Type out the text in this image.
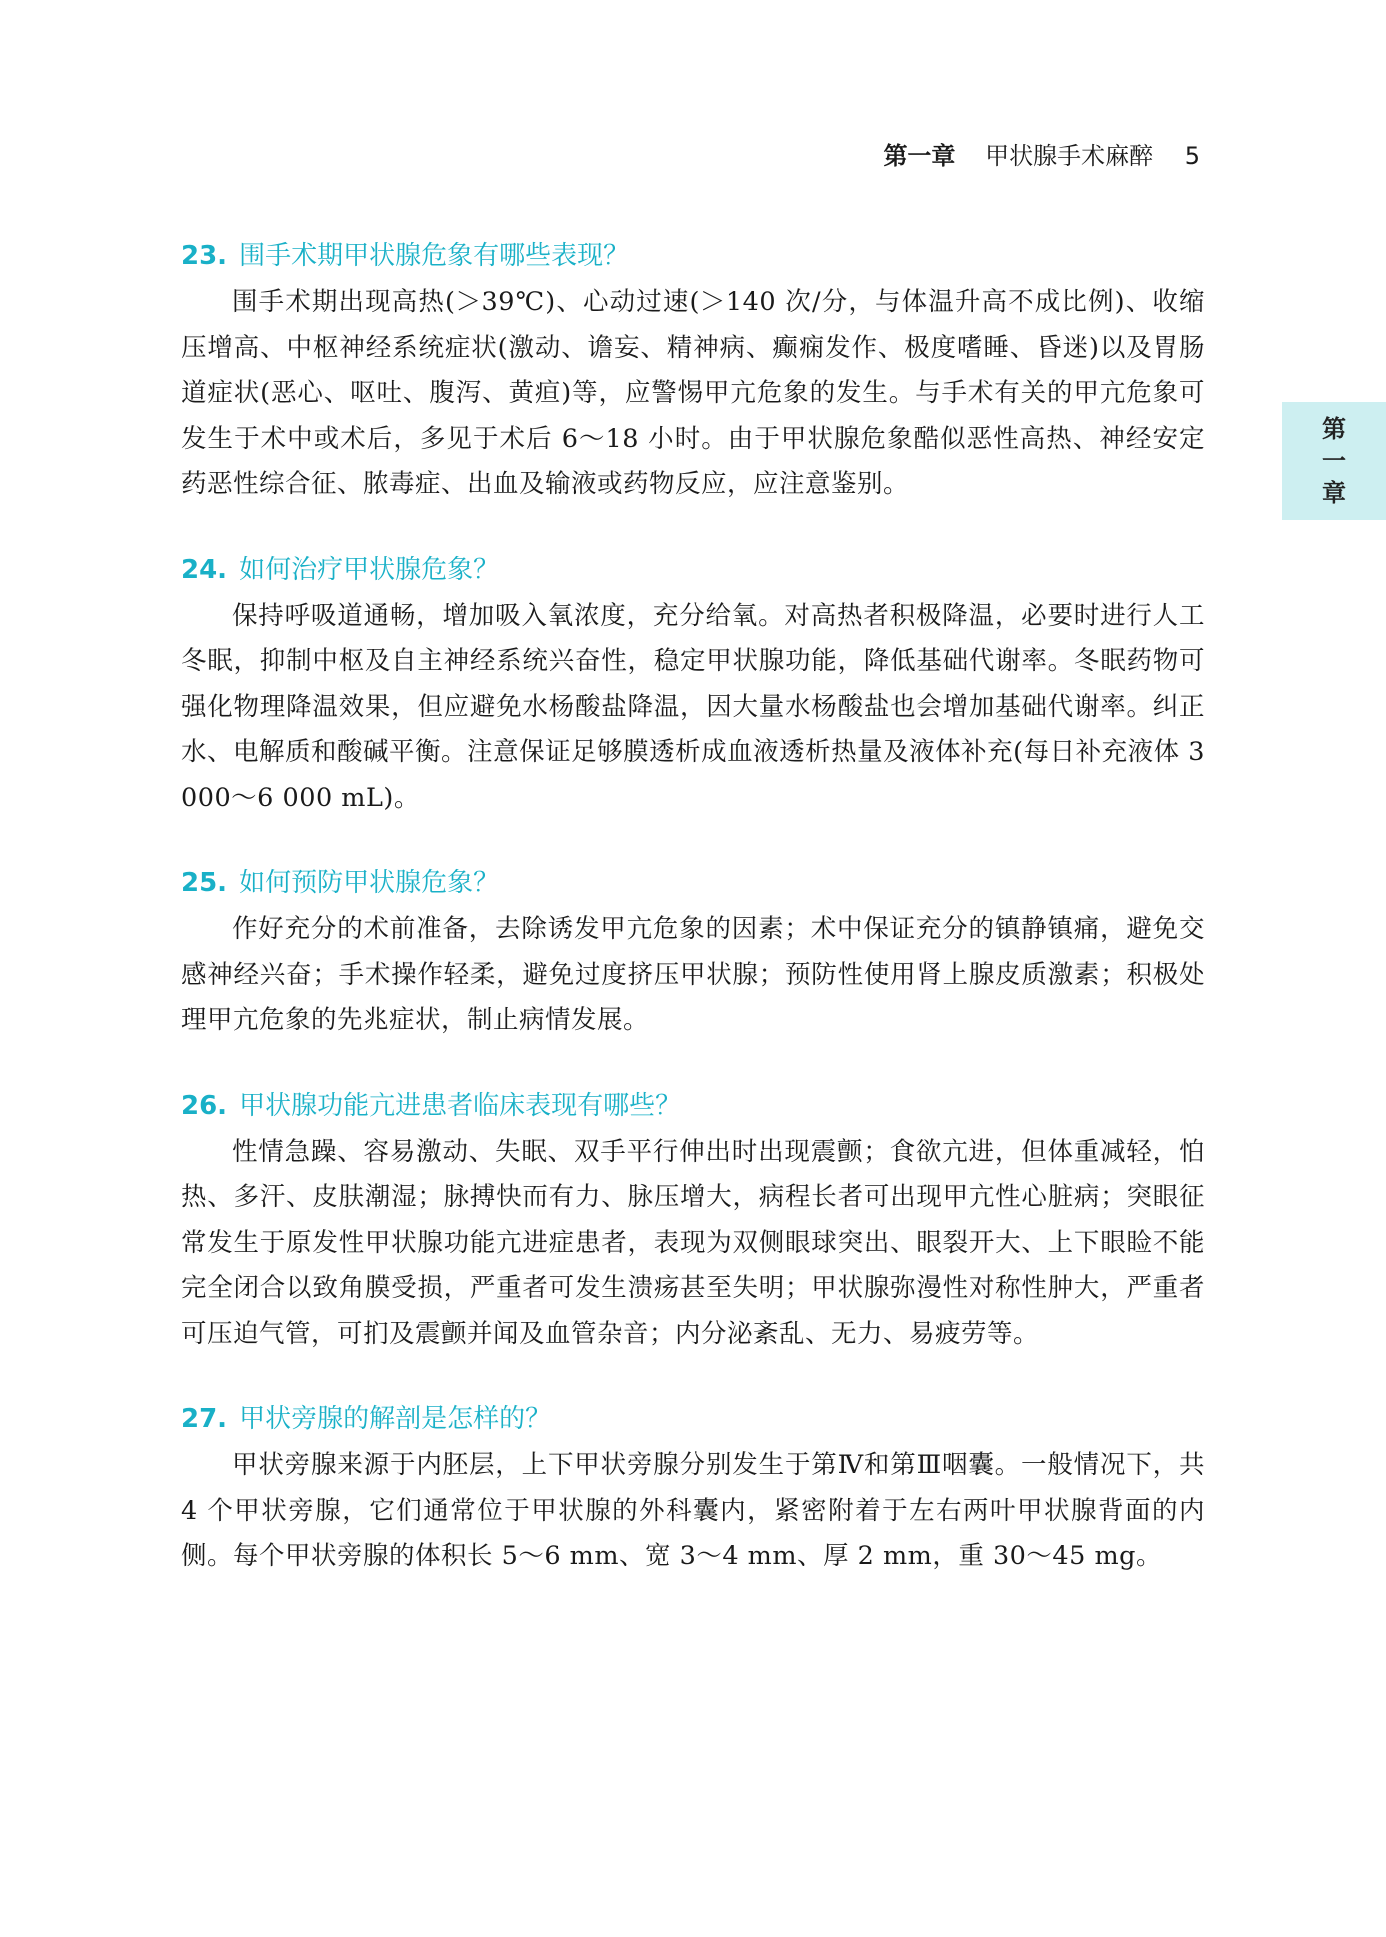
第一章 甲状腺手术麻醉 5
第
一
章
23. 围手术期甲状腺危象有哪些表现？

围手术期出现高热(＞39℃)、心动过速(＞140 次/分，与体温升高不成比例)、收缩压增高、中枢神经系统症状(激动、谵妄、精神病、癫痫发作、极度嗜睡、昏迷)以及胃肠道症状(恶心、呕吐、腹泻、黄疸)等，应警惕甲亢危象的发生。与手术有关的甲亢危象可发生于术中或术后，多见于术后 6～18 小时。由于甲状腺危象酷似恶性高热、神经安定药恶性综合征、脓毒症、出血及输液或药物反应，应注意鉴别。

24. 如何治疗甲状腺危象？

保持呼吸道通畅，增加吸入氧浓度，充分给氧。对高热者积极降温，必要时进行人工冬眠，抑制中枢及自主神经系统兴奋性，稳定甲状腺功能，降低基础代谢率。冬眠药物可强化物理降温效果，但应避免水杨酸盐降温，因大量水杨酸盐也会增加基础代谢率。纠正水、电解质和酸碱平衡。注意保证足够膜透析成血液透析热量及液体补充(每日补充液体 3 000～6 000 mL)。

25. 如何预防甲状腺危象？

作好充分的术前准备，去除诱发甲亢危象的因素；术中保证充分的镇静镇痛，避免交感神经兴奋；手术操作轻柔，避免过度挤压甲状腺；预防性使用肾上腺皮质激素；积极处理甲亢危象的先兆症状，制止病情发展。

26. 甲状腺功能亢进患者临床表现有哪些？

性情急躁、容易激动、失眠、双手平行伸出时出现震颤；食欲亢进，但体重减轻，怕热、多汗、皮肤潮湿；脉搏快而有力、脉压增大，病程长者可出现甲亢性心脏病；突眼征常发生于原发性甲状腺功能亢进症患者，表现为双侧眼球突出、眼裂开大、上下眼睑不能完全闭合以致角膜受损，严重者可发生溃疡甚至失明；甲状腺弥漫性对称性肿大，严重者可压迫气管，可扪及震颤并闻及血管杂音；内分泌紊乱、无力、易疲劳等。

27. 甲状旁腺的解剖是怎样的？

甲状旁腺来源于内胚层，上下甲状旁腺分别发生于第Ⅳ和第Ⅲ咽囊。一般情况下，共 4 个甲状旁腺，它们通常位于甲状腺的外科囊内，紧密附着于左右两叶甲状腺背面的内侧。每个甲状旁腺的体积长 5～6 mm、宽 3～4 mm、厚 2 mm，重 30～45 mg。
